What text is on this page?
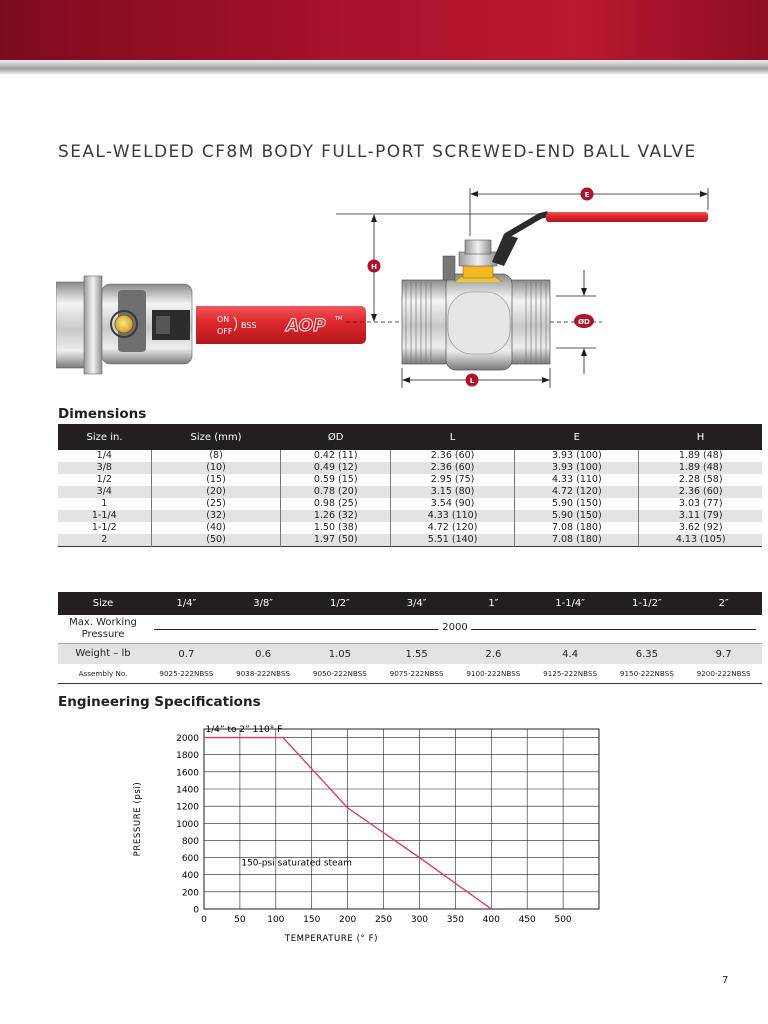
SEAL-WELDED CF8M BODY FULL-PORT SCREWED-END BALL VALVE
ON
OFF
BSS AOP TM
E
H
ØD
L
Dimensions
Size in.	Size (mm)	ØD	L	E	H
1/4	(8)	0.42 (11)	2.36 (60)	3.93 (100)	1.89 (48)
3/8	(10)	0.49 (12)	2.36 (60)	3.93 (100)	1.89 (48)
1/2	(15)	0.59 (15)	2.95 (75)	4.33 (110)	2.28 (58)
3/4	(20)	0.78 (20)	3.15 (80)	4.72 (120)	2.36 (60)
1	(25)	0.98 (25)	3.54 (90)	5.90 (150)	3.03 (77)
1-1/4	(32)	1.26 (32)	4.33 (110)	5.90 (150)	3.11 (79)
1-1/2	(40)	1.50 (38)	4.72 (120)	7.08 (180)	3.62 (92)
2	(50)	1.97 (50)	5.51 (140)	7.08 (180)	4.13 (105)
Size	1/4″	3/8″	1/2″	3/4″	1″	1-1/4″	1-1/2″	2″
Max. Working Pressure	2000							

Weight – lb	0.7	0.6	1.05	1.55	2.6	4.4	6.35	9.7
Assembly No.	9025-222NBSS	9038-222NBSS	9050-222NBSS	9075-222NBSS	9100-222NBSS	9125-222NBSS	9150-222NBSS	9200-222NBSS
Engineering Specifications
0	50 100 150 200 250 300 350 400 450 500
0
200
400
600
800
1000
1200
1400
1600
1800
2000
1/4” to 2” 110° F
150-psi saturated steam
TEMPERATURE (° F)
PRESSURE (psi)
7
